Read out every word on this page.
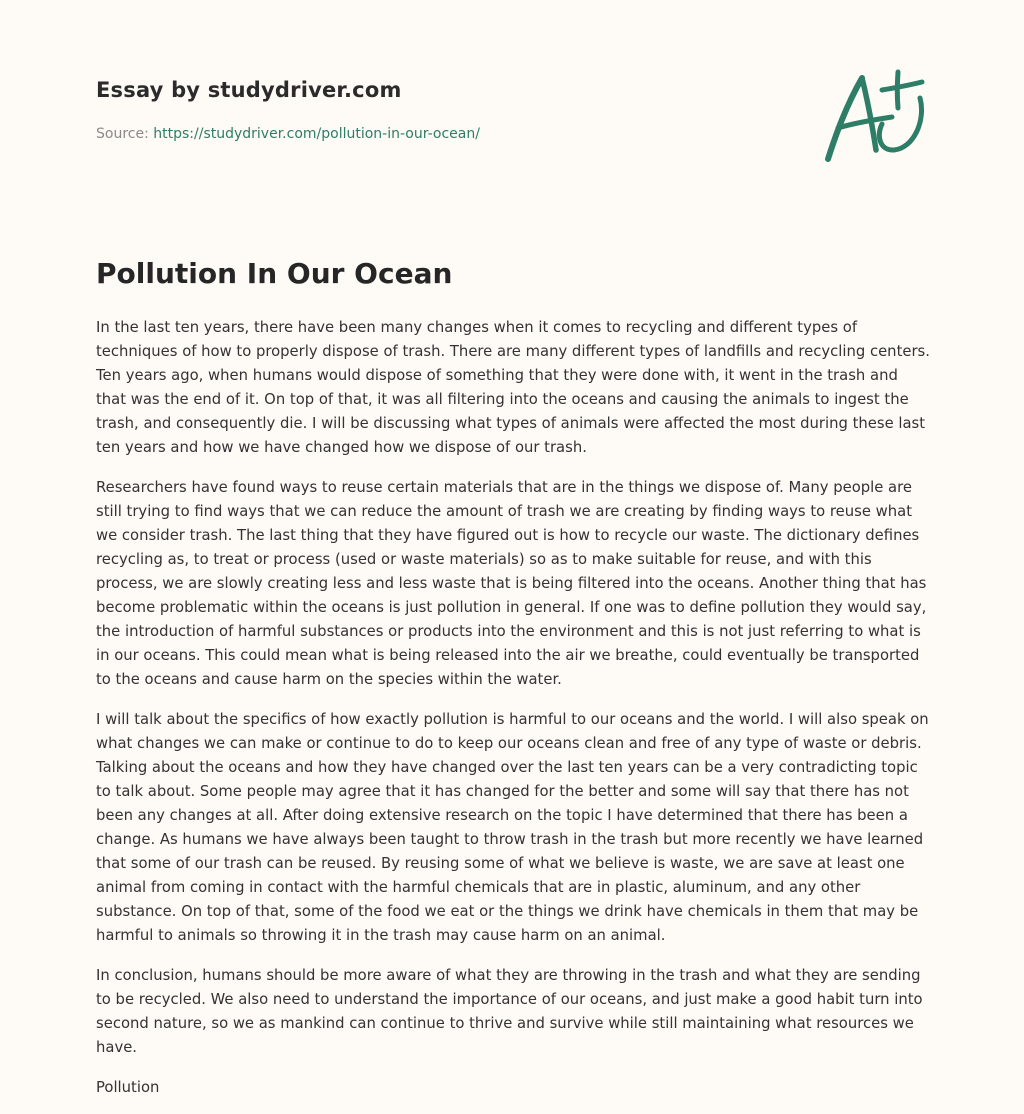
Essay by studydriver.com
Source: https://studydriver.com/pollution-in-our-ocean/
Pollution In Our Ocean

In the last ten years, there have been many changes when it comes to recycling and different types of techniques of how to properly dispose of trash. There are many different types of landfills and recycling centers. Ten years ago, when humans would dispose of something that they were done with, it went in the trash and that was the end of it. On top of that, it was all filtering into the oceans and causing the animals to ingest the trash, and consequently die. I will be discussing what types of animals were affected the most during these last ten years and how we have changed how we dispose of our trash.

Researchers have found ways to reuse certain materials that are in the things we dispose of. Many people are still trying to find ways that we can reduce the amount of trash we are creating by finding ways to reuse what we consider trash. The last thing that they have figured out is how to recycle our waste. The dictionary defines recycling as, to treat or process (used or waste materials) so as to make suitable for reuse, and with this process, we are slowly creating less and less waste that is being filtered into the oceans. Another thing that has become problematic within the oceans is just pollution in general. If one was to define pollution they would say, the introduction of harmful substances or products into the environment and this is not just referring to what is in our oceans. This could mean what is being released into the air we breathe, could eventually be transported to the oceans and cause harm on the species within the water.

I will talk about the specifics of how exactly pollution is harmful to our oceans and the world. I will also speak on what changes we can make or continue to do to keep our oceans clean and free of any type of waste or debris. Talking about the oceans and how they have changed over the last ten years can be a very contradicting topic to talk about. Some people may agree that it has changed for the better and some will say that there has not been any changes at all. After doing extensive research on the topic I have determined that there has been a change. As humans we have always been taught to throw trash in the trash but more recently we have learned that some of our trash can be reused. By reusing some of what we believe is waste, we are save at least one animal from coming in contact with the harmful chemicals that are in plastic, aluminum, and any other substance. On top of that, some of the food we eat or the things we drink have chemicals in them that may be harmful to animals so throwing it in the trash may cause harm on an animal.

In conclusion, humans should be more aware of what they are throwing in the trash and what they are sending to be recycled. We also need to understand the importance of our oceans, and just make a good habit turn into second nature, so we as mankind can continue to thrive and survive while still maintaining what resources we have.

Pollution
